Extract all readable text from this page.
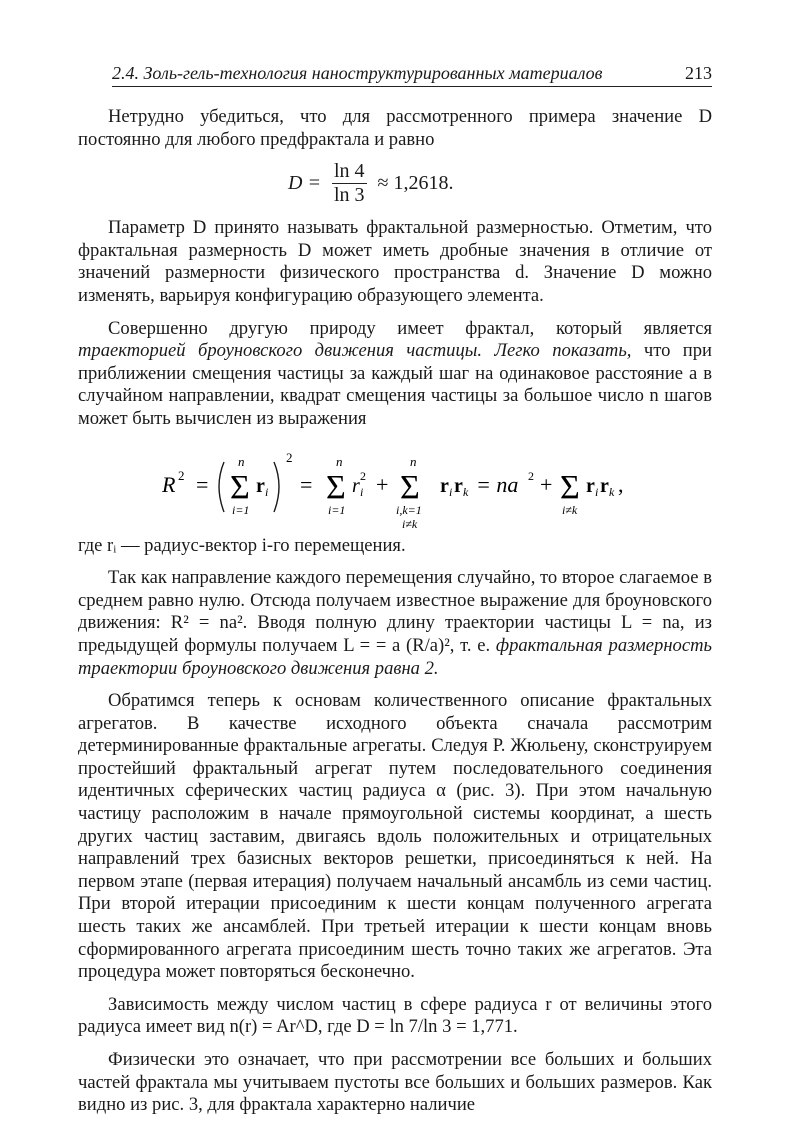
2.4. Золь-гель-технология наноструктурированных материалов	213

Нетрудно убедиться, что для рассмотренного примера значение D постоянно для любого предфрактала и равно

Параметр D принято называть фрактальной размерностью. Отметим, что фрактальная размерность D может иметь дробные значения в отличие от значений размерности физического пространства d. Значение D можно изменять, варьируя конфигурацию образующего элемента.

Совершенно другую природу имеет фрактал, который является траекторией броуновского движения частицы. Легко показать, что при приближении смещения частицы за каждый шаг на одинаковое расстояние a в случайном направлении, квадрат смещения частицы за большое число n шагов может быть вычислен из выражения

где rᵢ — радиус-вектор i-го перемещения.

Так как направление каждого перемещения случайно, то второе слагаемое в среднем равно нулю. Отсюда получаем известное выражение для броуновского движения: R² = na². Вводя полную длину траектории частицы L = na, из предыдущей формулы получаем L = = a (R/a)², т. е. фрактальная размерность траектории броуновского движения равна 2.

Обратимся теперь к основам количественного описание фрактальных агрегатов. В качестве исходного объекта сначала рассмотрим детерминированные фрактальные агрегаты. Следуя Р. Жюльену, сконструируем простейший фрактальный агрегат путем последовательного соединения идентичных сферических частиц радиуса α (рис. 3). При этом начальную частицу расположим в начале прямоугольной системы координат, а шесть других частиц заставим, двигаясь вдоль положительных и отрицательных направлений трех базисных векторов решетки, присоединяться к ней. На первом этапе (первая итерация) получаем начальный ансамбль из семи частиц. При второй итерации присоединим к шести концам полученного агрегата шесть таких же ансамблей. При третьей итерации к шести концам вновь сформированного агрегата присоединим шесть точно таких же агрегатов. Эта процедура может повторяться бесконечно.

Зависимость между числом частиц в сфере радиуса r от величины этого радиуса имеет вид n(r) = Ar^D, где D = ln 7/ln 3 = 1,771.

Физически это означает, что при рассмотрении все больших и больших частей фрактала мы учитываем пустоты все больших и больших размеров. Как видно из рис. 3, для фрактала характерно наличие

$D = \frac{\ln 4}{\ln 3} \approx 1,2618$.
R 2 =
n
Σ
i=1
r i
2
=
n
Σ
i=1
r 2
i +
n
Σ
i,k=1
i≠k
r i r k = na 2 + Σ
i≠k
r i r k ,
